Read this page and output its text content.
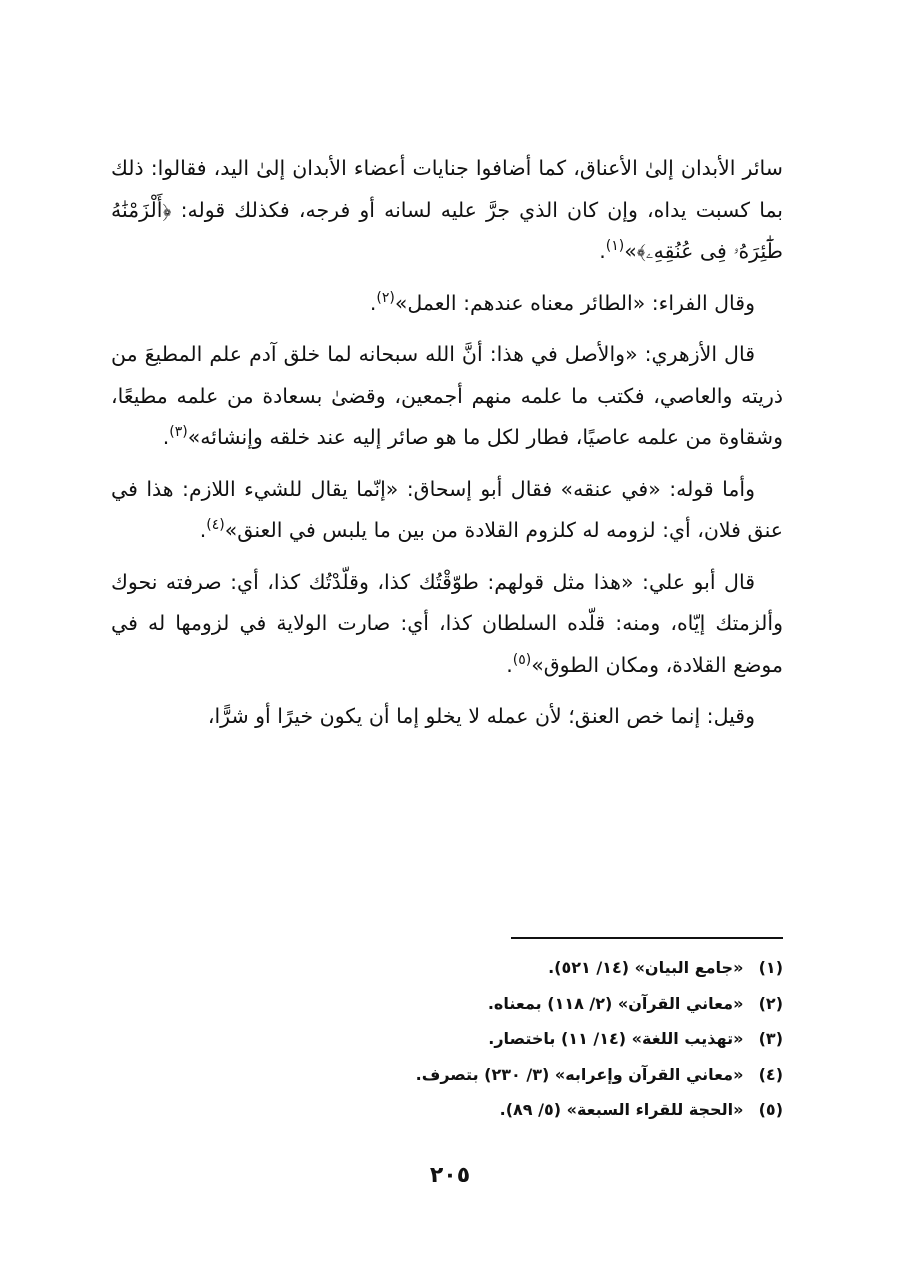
سائر الأبدان إلىٰ الأعناق، كما أضافوا جنايات أعضاء الأبدان إلىٰ اليد، فقالوا: ذلك بما كسبت يداه، وإن كان الذي جرَّ عليه لسانه أو فرجه، فكذلك قوله: ﴿أَلْزَمْنَٰهُ طَٰٓئِرَهُۥ فِى عُنُقِهِۦ﴾»$^{(١)}$.

وقال الفراء: «الطائر معناه عندهم: العمل»$^{(٢)}$.

قال الأزهري: «والأصل في هذا: أنَّ الله سبحانه لما خلق آدم علم المطيعَ من ذريته والعاصي، فكتب ما علمه منهم أجمعين، وقضىٰ بسعادة من علمه مطيعًا، وشقاوة من علمه عاصيًا، فطار لكل ما هو صائر إليه عند خلقه وإنشائه»$^{(٣)}$.

وأما قوله: «في عنقه» فقال أبو إسحاق: «إنّما يقال للشيء اللازم: هذا في عنق فلان، أي: لزومه له كلزوم القلادة من بين ما يلبس في العنق»$^{(٤)}$.

قال أبو علي: «هذا مثل قولهم: طوّقْتُك كذا، وقلّدْتُك كذا، أي: صرفته نحوك وألزمتك إيّاه، ومنه: قلّده السلطان كذا، أي: صارت الولاية في لزومها له في موضع القلادة، ومكان الطوق»$^{(٥)}$.

وقيل: إنما خص العنق؛ لأن عمله لا يخلو إما أن يكون خيرًا أو شرًّا،

(١) «جامع البيان» (١٤/ ٥٢١).
(٢) «معاني القرآن» (٢/ ١١٨) بمعناه.
(٣) «تهذيب اللغة» (١٤/ ١١) باختصار.
(٤) «معاني القرآن وإعرابه» (٣/ ٢٣٠) بتصرف.
(٥) «الحجة للقراء السبعة» (٥/ ٨٩).
٢٠٥
